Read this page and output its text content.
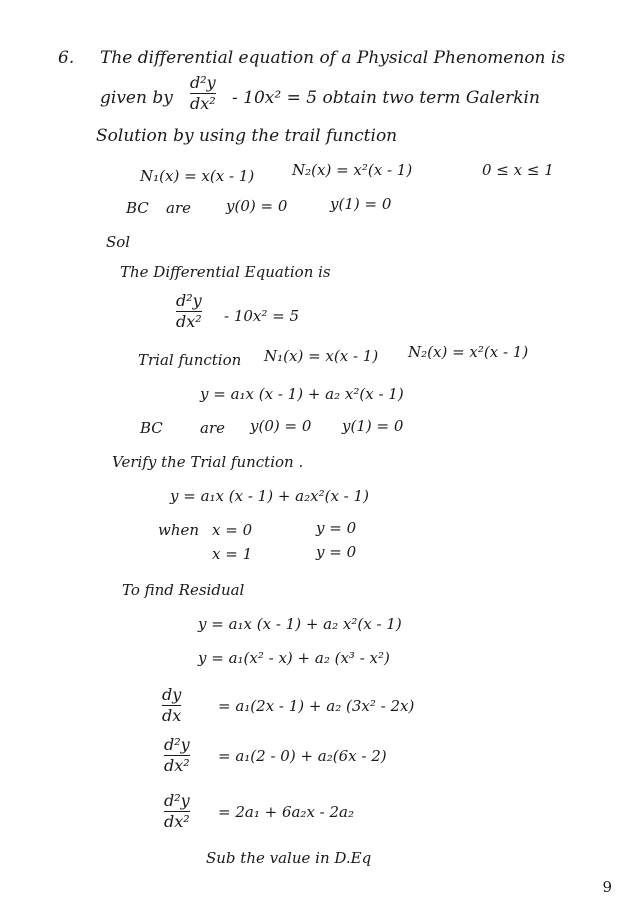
6. The differential equation of a Physical Phenomenon is
given by
d²y
dx² - 10x² = 5 obtain two term Galerkin
Solution by using the trail function
N₁(x) = x(x - 1)	N₂(x) = x²(x - 1)	0 ≤ x ≤ 1
BC are y(0) = 0	y(1) = 0
Sol
The Differential Equation is
d²y
dx² - 10x² = 5
Trial function N₁(x) = x(x - 1) N₂(x) = x²(x - 1)
y = a₁x (x - 1) + a₂ x²(x - 1)
BC are y(0) = 0 y(1) = 0
Verify the Trial function .
y = a₁x (x - 1) + a₂x²(x - 1)
when x = 0	y = 0
x = 1	y = 0
To find Residual
y = a₁x (x - 1) + a₂ x²(x - 1)
y = a₁(x² - x) + a₂ (x³ - x²)
dy
dx = a₁(2x - 1) + a₂ (3x² - 2x)
d²y
dx² = a₁(2 - 0) + a₂(6x - 2)
d²y
dx² = 2a₁ + 6a₂x - 2a₂
Sub the value in D.Eq
9
